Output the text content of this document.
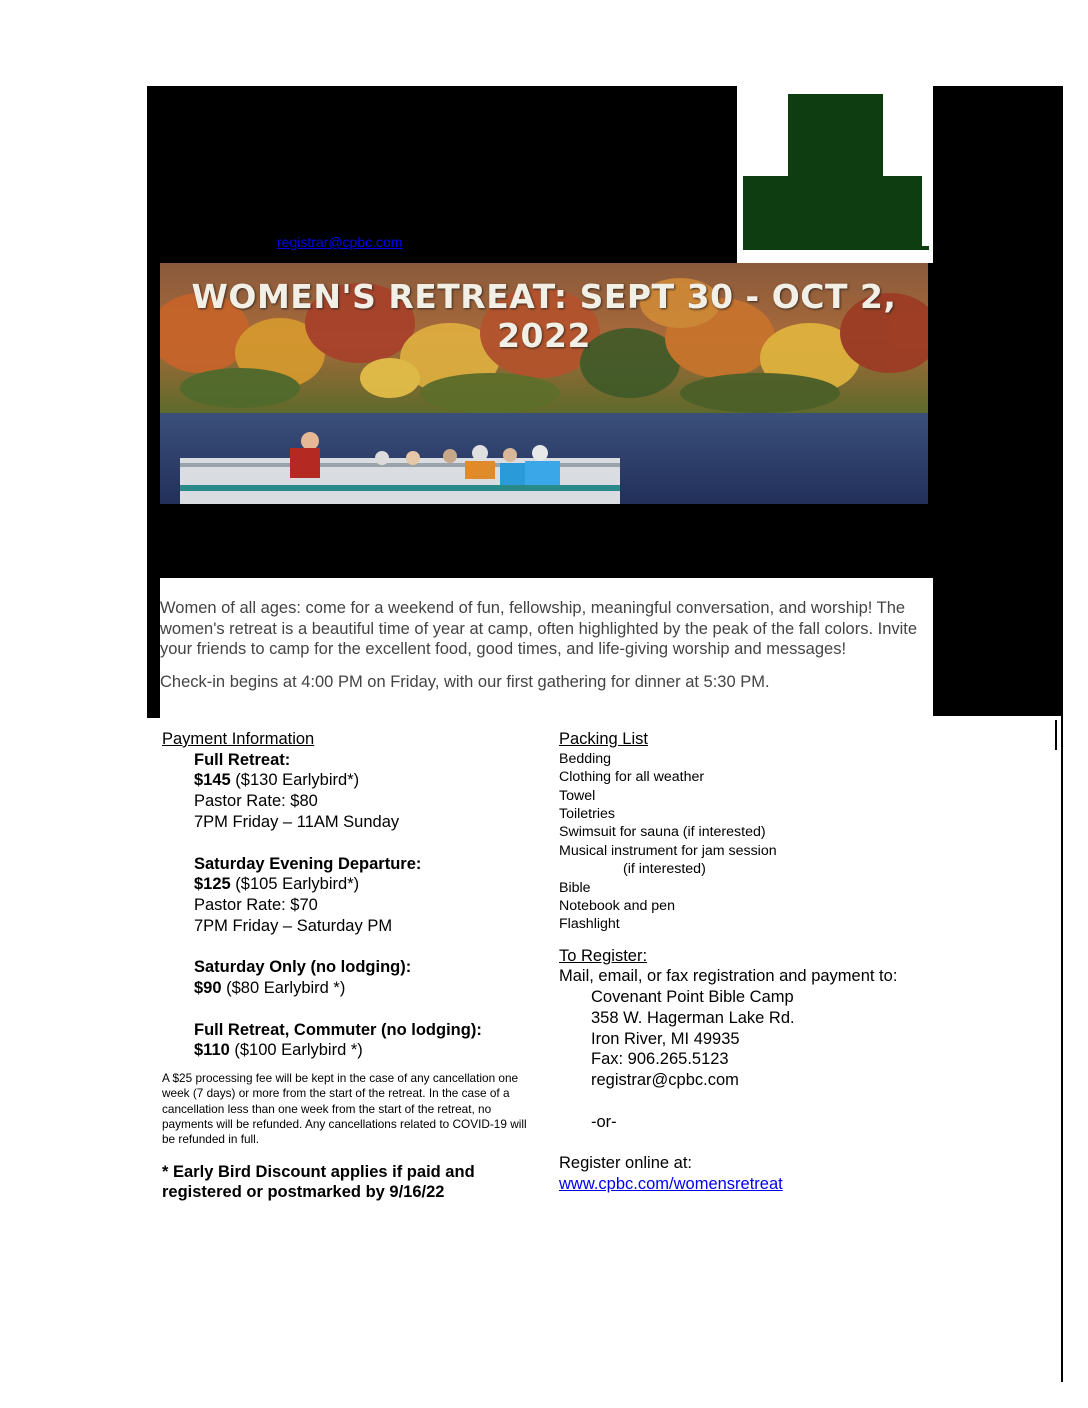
registrar@cpbc.com
WOMEN'S RETREAT: SEPT 30 - OCT 2, 2022

Women of all ages: come for a weekend of fun, fellowship, meaningful conversation, and worship! The women's retreat is a beautiful time of year at camp, often highlighted by the peak of the fall colors. Invite your friends to camp for the excellent food, good times, and life-giving worship and messages!

Check-in begins at 4:00 PM on Friday, with our first gathering for dinner at 5:30 PM.

Payment Information
Full Retreat:
$145 ($130 Earlybird*)
Pastor Rate: $80
7PM Friday – 11AM Sunday
Saturday Evening Departure:
$125 ($105 Earlybird*)
Pastor Rate: $70
7PM Friday – Saturday PM
Saturday Only (no lodging):
$90 ($80 Earlybird *)
Full Retreat, Commuter (no lodging):
$110 ($100 Earlybird *)
A $25 processing fee will be kept in the case of any cancellation one week (7 days) or more from the start of the retreat. In the case of a cancellation less than one week from the start of the retreat, no payments will be refunded. Any cancellations related to COVID-19 will be refunded in full.
* Early Bird Discount applies if paid and registered or postmarked by 9/16/22
Packing List
Bedding
Clothing for all weather
Towel
Toiletries
Swimsuit for sauna (if interested)
Musical instrument for jam session
(if interested)
Bible
Notebook and pen
Flashlight
To Register:
Mail, email, or fax registration and payment to:
Covenant Point Bible Camp
358 W. Hagerman Lake Rd.
Iron River, MI 49935
Fax: 906.265.5123
registrar@cpbc.com
-or-
Register online at:
www.cpbc.com/womensretreat
